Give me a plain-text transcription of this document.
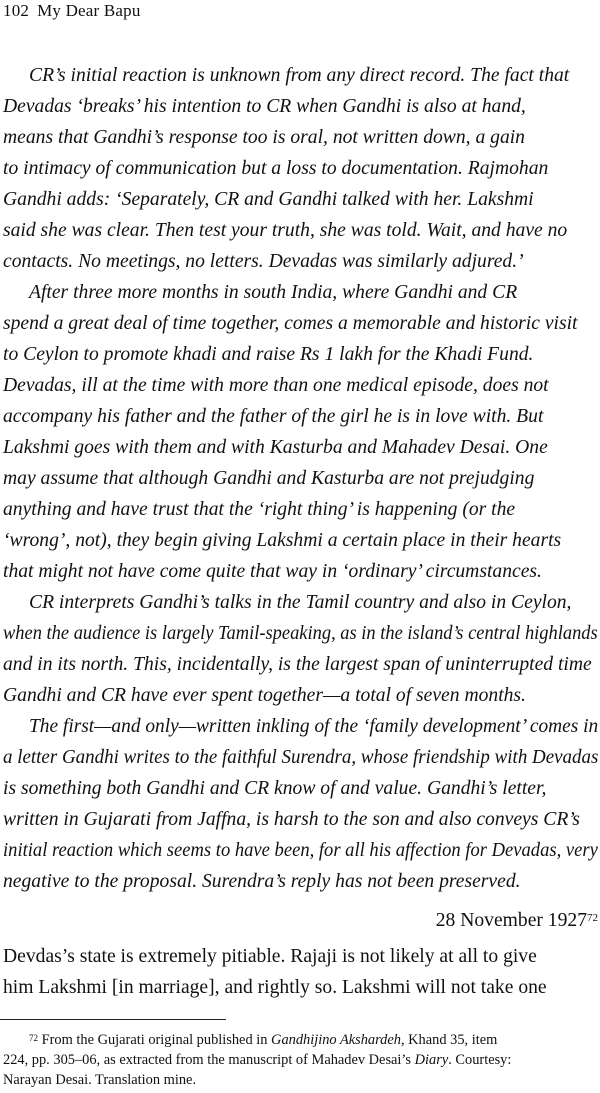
102 My Dear Bapu
CR’s initial reaction is unknown from any direct record. The fact that
Devadas ‘breaks’ his intention to CR when Gandhi is also at hand,
means that Gandhi’s response too is oral, not written down, a gain
to intimacy of communication but a loss to documentation. Rajmohan
Gandhi adds: ‘Separately, CR and Gandhi talked with her. Lakshmi
said she was clear. Then test your truth, she was told. Wait, and have no
contacts. No meetings, no letters. Devadas was similarly adjured.’
After three more months in south India, where Gandhi and CR
spend a great deal of time together, comes a memorable and historic visit
to Ceylon to promote khadi and raise Rs 1 lakh for the Khadi Fund.
Devadas, ill at the time with more than one medical episode, does not
accompany his father and the father of the girl he is in love with. But
Lakshmi goes with them and with Kasturba and Mahadev Desai. One
may assume that although Gandhi and Kasturba are not prejudging
anything and have trust that the ‘right thing’ is happening (or the
‘wrong’, not), they begin giving Lakshmi a certain place in their hearts
that might not have come quite that way in ‘ordinary’ circumstances.
CR interprets Gandhi’s talks in the Tamil country and also in Ceylon,
when the audience is largely Tamil-speaking, as in the island’s central highlands
and in its north. This, incidentally, is the largest span of uninterrupted time
Gandhi and CR have ever spent together—a total of seven months.
The first—and only—written inkling of the ‘family development’ comes in
a letter Gandhi writes to the faithful Surendra, whose friendship with Devadas
is something both Gandhi and CR know of and value. Gandhi’s letter,
written in Gujarati from Jaffna, is harsh to the son and also conveys CR’s
initial reaction which seems to have been, for all his affection for Devadas, very
negative to the proposal. Surendra’s reply has not been preserved.
28 November 1927$^{72}$
Devdas’s state is extremely pitiable. Rajaji is not likely at all to give
him Lakshmi [in marriage], and rightly so. Lakshmi will not take one
$^{72}$ From the Gujarati original published in Gandhijino Akshardeh, Khand 35, item
224, pp. 305–06, as extracted from the manuscript of Mahadev Desai’s Diary. Courtesy:
Narayan Desai. Translation mine.
